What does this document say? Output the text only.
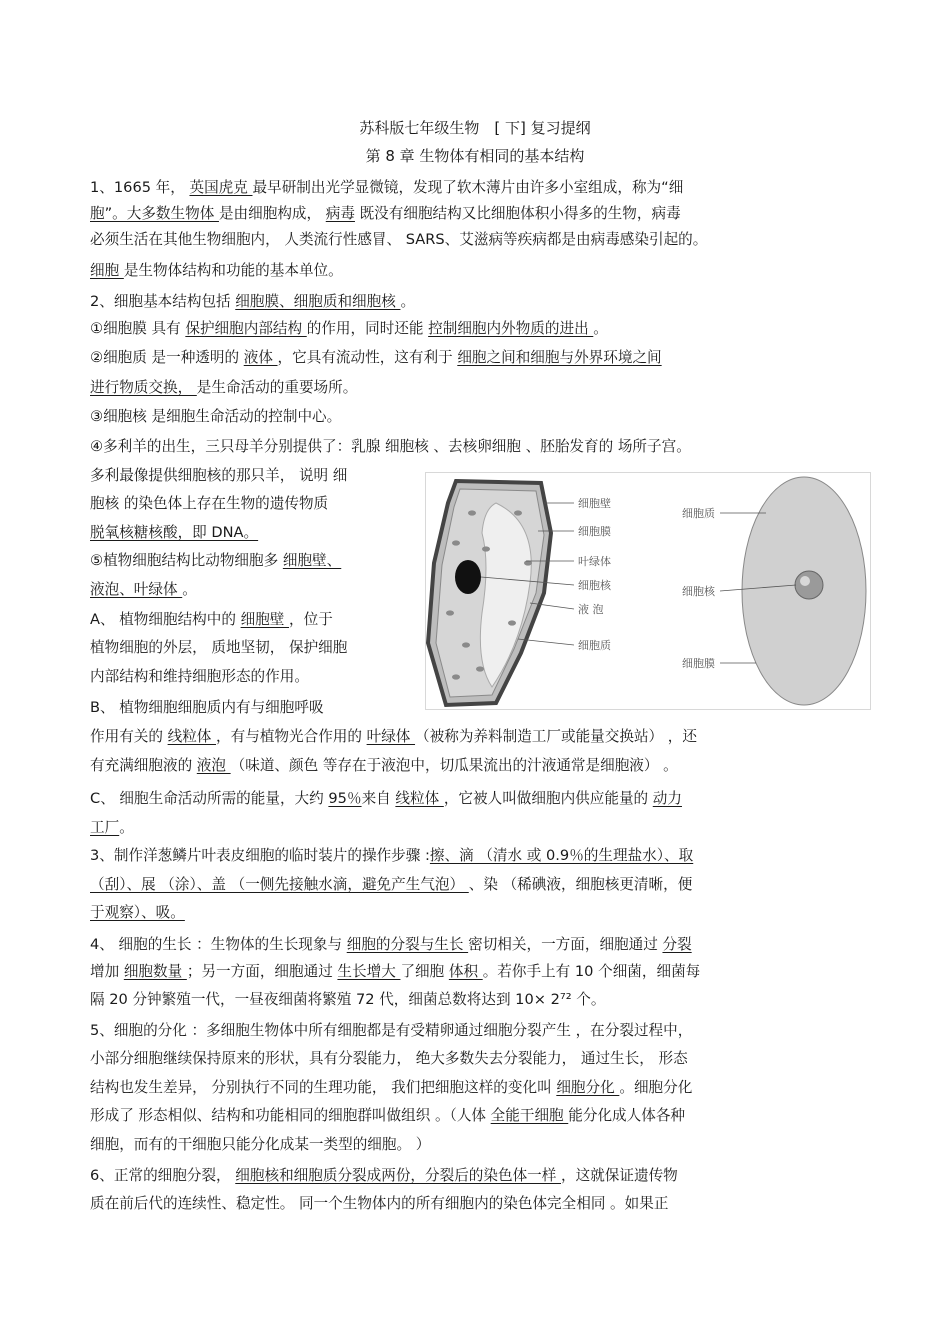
苏科版七年级生物　[ 下] 复习提纲
第 8 章 生物体有相同的基本结构
1、1665 年， 英国虎克 最早研制出光学显微镜，发现了软木薄片由许多小室组成，称为“细
胞”。大多数生物体 是由细胞构成， 病毒 既没有细胞结构又比细胞体积小得多的生物，病毒
必须生活在其他生物细胞内， 人类流行性感冒、 SARS、艾滋病等疾病都是由病毒感染引起的。
细胞 是生物体结构和功能的基本单位。
2、细胞基本结构包括 细胞膜、细胞质和细胞核 。
①细胞膜 具有 保护细胞内部结构 的作用，同时还能 控制细胞内外物质的进出 。
②细胞质 是一种透明的 液体 ，它具有流动性，这有利于 细胞之间和细胞与外界环境之间
进行物质交换， 是生命活动的重要场所。
③细胞核 是细胞生命活动的控制中心。
④多利羊的出生，三只母羊分别提供了：乳腺 细胞核 、去核卵细胞 、胚胎发育的 场所子宫。
多利最像提供细胞核的那只羊， 说明 细
胞核 的染色体上存在生物的遗传物质
脱氧核糖核酸，即 DNA。
⑤植物细胞结构比动物细胞多 细胞壁、
液泡、叶绿体 。
A、 植物细胞结构中的 细胞壁 ，位于
植物细胞的外层， 质地坚韧， 保护细胞
内部结构和维持细胞形态的作用。
B、 植物细胞细胞质内有与细胞呼吸
作用有关的 线粒体 ，有与植物光合作用的 叶绿体 （被称为养料制造工厂或能量交换站） ，还
有充满细胞液的 液泡 （味道、颜色 等存在于液泡中，切瓜果流出的汁液通常是细胞液） 。
C、 细胞生命活动所需的能量，大约 95％来自 线粒体 ，它被人叫做细胞内供应能量的 动力
工厂。
3、制作洋葱鳞片叶表皮细胞的临时装片的操作步骤 :擦、滴 （清水 或 0.9％的生理盐水）、取
（刮）、展 （涂）、盖 （一侧先接触水滴，避免产生气泡） 、染 （稀碘液，细胞核更清晰，便
于观察）、吸。
4、 细胞的生长 ：生物体的生长现象与 细胞的分裂与生长 密切相关，一方面，细胞通过 分裂
增加 细胞数量 ；另一方面，细胞通过 生长增大 了细胞 体积 。若你手上有 10 个细菌，细菌每
隔 20 分钟繁殖一代，一昼夜细菌将繁殖 72 代，细菌总数将达到 10× 2⁷² 个。
5、细胞的分化 ：多细胞生物体中所有细胞都是有受精卵通过细胞分裂产生 ，在分裂过程中，
小部分细胞继续保持原来的形状，具有分裂能力， 绝大多数失去分裂能力， 通过生长， 形态
结构也发生差异， 分别执行不同的生理功能， 我们把细胞这样的变化叫 细胞分化 。细胞分化
形成了 形态相似、结构和功能相同的细胞群叫做组织 。（人体 全能干细胞 能分化成人体各种
细胞，而有的干细胞只能分化成某一类型的细胞。 ）
6、正常的细胞分裂， 细胞核和细胞质分裂成两份，分裂后的染色体一样 ，这就保证遗传物
质在前后代的连续性、稳定性。 同一个生物体内的所有细胞内的染色体完全相同 。如果正
细胞壁
细胞膜
叶绿体
细胞核
液 泡
细胞质
细胞质
细胞核
细胞膜
